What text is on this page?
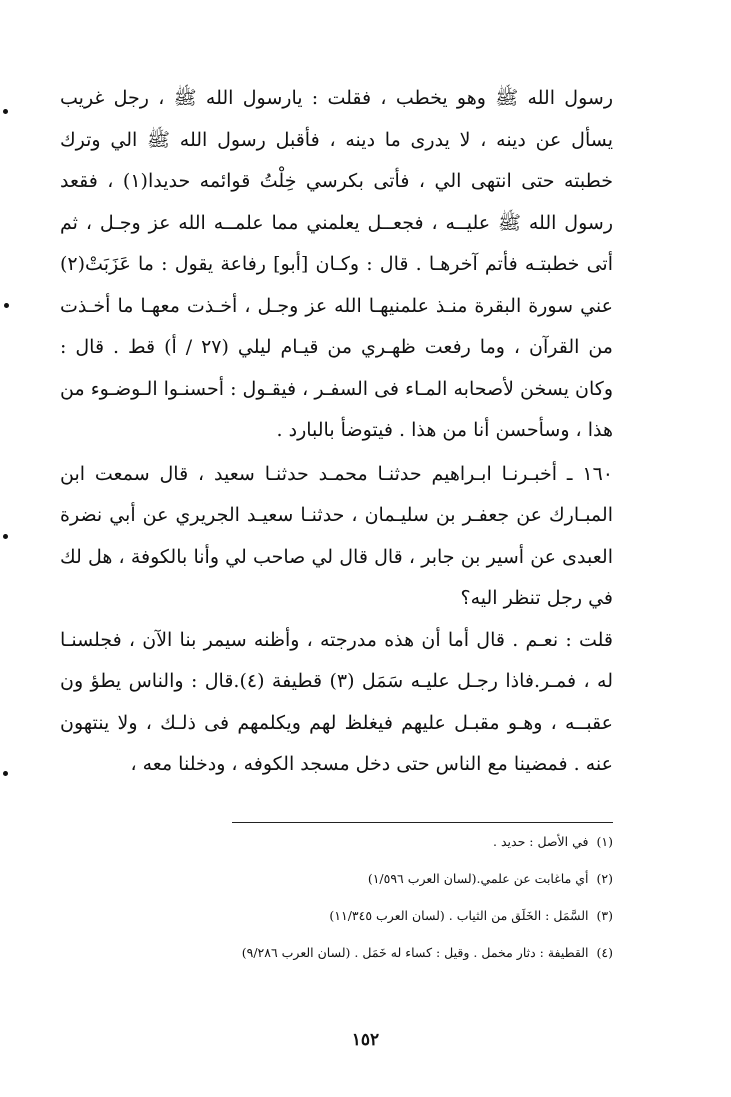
رسول الله ﷺ وهو يخطب ، فقلت : يارسول الله ﷺ ، رجل غريب يسأل عن دينه ، لا يدرى ما دينه ، فأقبل رسول الله ﷺ الي وترك خطبته حتى انتهى الي ، فأتى بكرسي خِلْتُ قوائمه حديدا(١) ، فقعد رسول الله ﷺ عليــه ، فجعــل يعلمني مما علمــه الله عز وجـل ، ثم أتى خطبتـه فأتم آخرهـا . قال : وكـان [أبو] رفاعة يقول : ما عَزَبَتْ(٢) عني سورة البقرة منـذ علمنيهـا الله عز وجـل ، أخـذت معهـا ما أخـذت من القرآن ، وما رفعت ظهـري من قيـام ليلي (٢٧ / أ) قط . قال : وكان يسخن لأصحابه المـاء فى السفـر ، فيقـول : أحسنـوا الـوضـوء من هذا ، وسأحسن أنا من هذا . فيتوضأ بالبارد .

١٦٠ ـ أخبـرنـا ابـراهيم حدثنـا محمـد حدثنـا سعيد ، قال سمعت ابن المبـارك عن جعفـر بن سليـمان ، حدثنـا سعيـد الجريري عن أبي نضرة العبدى عن أسير بن جابر ، قال قال لي صاحب لي وأنا بالكوفة ، هل لك في رجل تنظر اليه؟

قلت : نعـم . قال أما أن هذه مدرجته ، وأظنه سيمر بنا الآن ، فجلسنـا له ، فمـر.فاذا رجـل عليـه سَمَل (٣) قطيفة (٤).قال : والناس يطؤ ون عقبــه ، وهـو مقبـل عليهم فيغلظ لهم ويكلمهم فى ذلـك ، ولا ينتهون عنه . فمضينا مع الناس حتى دخل مسجد الكوفه ، ودخلنا معه ،

(١)في الأصل : حديد .
(٢)أي ماغابت عن علمي.(لسان العرب ١/٥٩٦)
(٣)السَّمَل : الخَلَق من الثياب . (لسان العرب ١١/٣٤٥)
(٤)القطيفة : دثار مخمل . وقيل : كساء له خَمَل . (لسان العرب ٩/٢٨٦)
١٥٢
